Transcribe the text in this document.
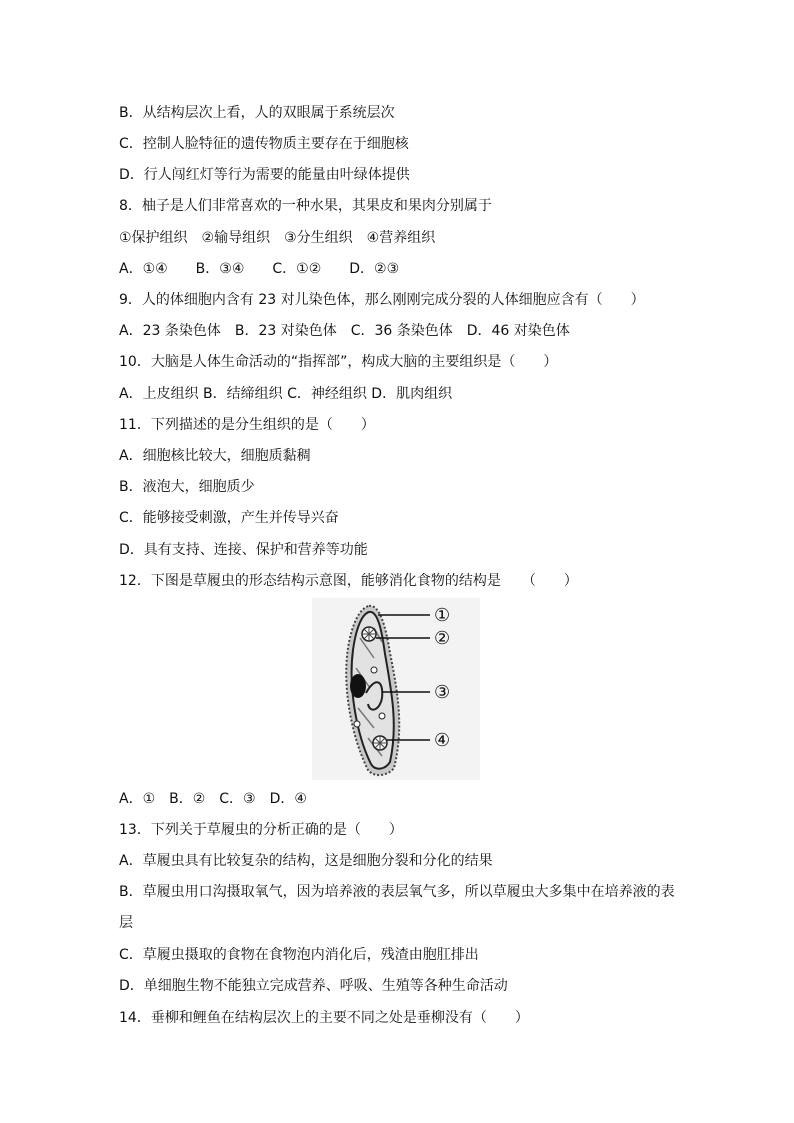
B．从结构层次上看，人的双眼属于系统层次

C．控制人脸特征的遗传物质主要存在于细胞核

D．行人闯红灯等行为需要的能量由叶绿体提供

8．柚子是人们非常喜欢的一种水果，其果皮和果肉分别属于

①保护组织　②输导组织　③分生组织　④营养组织

A．①④　　B．③④　　C．①②　　D．②③

9．人的体细胞内含有 23 对儿染色体，那么刚刚完成分裂的人体细胞应含有（　　）

A．23 条染色体　B．23 对染色体　C．36 条染色体　D．46 对染色体

10．大脑是人体生命活动的“指挥部”，构成大脑的主要组织是（　　）

A．上皮组织 B．结缔组织 C．神经组织 D．肌肉组织

11．下列描述的是分生组织的是（　　）

A．细胞核比较大，细胞质黏稠

B．液泡大，细胞质少

C．能够接受刺激，产生并传导兴奋

D．具有支持、连接、保护和营养等功能

12．下图是草履虫的形态结构示意图，能够消化食物的结构是　　（　　）

①
②
③
④

A．①　B．②　C．③　D．④

13．下列关于草履虫的分析正确的是（　　）

A．草履虫具有比较复杂的结构，这是细胞分裂和分化的结果

B．草履虫用口沟摄取氧气，因为培养液的表层氧气多，所以草履虫大多集中在培养液的表

层

C．草履虫摄取的食物在食物泡内消化后，残渣由胞肛排出

D．单细胞生物不能独立完成营养、呼吸、生殖等各种生命活动

14．垂柳和鲤鱼在结构层次上的主要不同之处是垂柳没有（　　）
